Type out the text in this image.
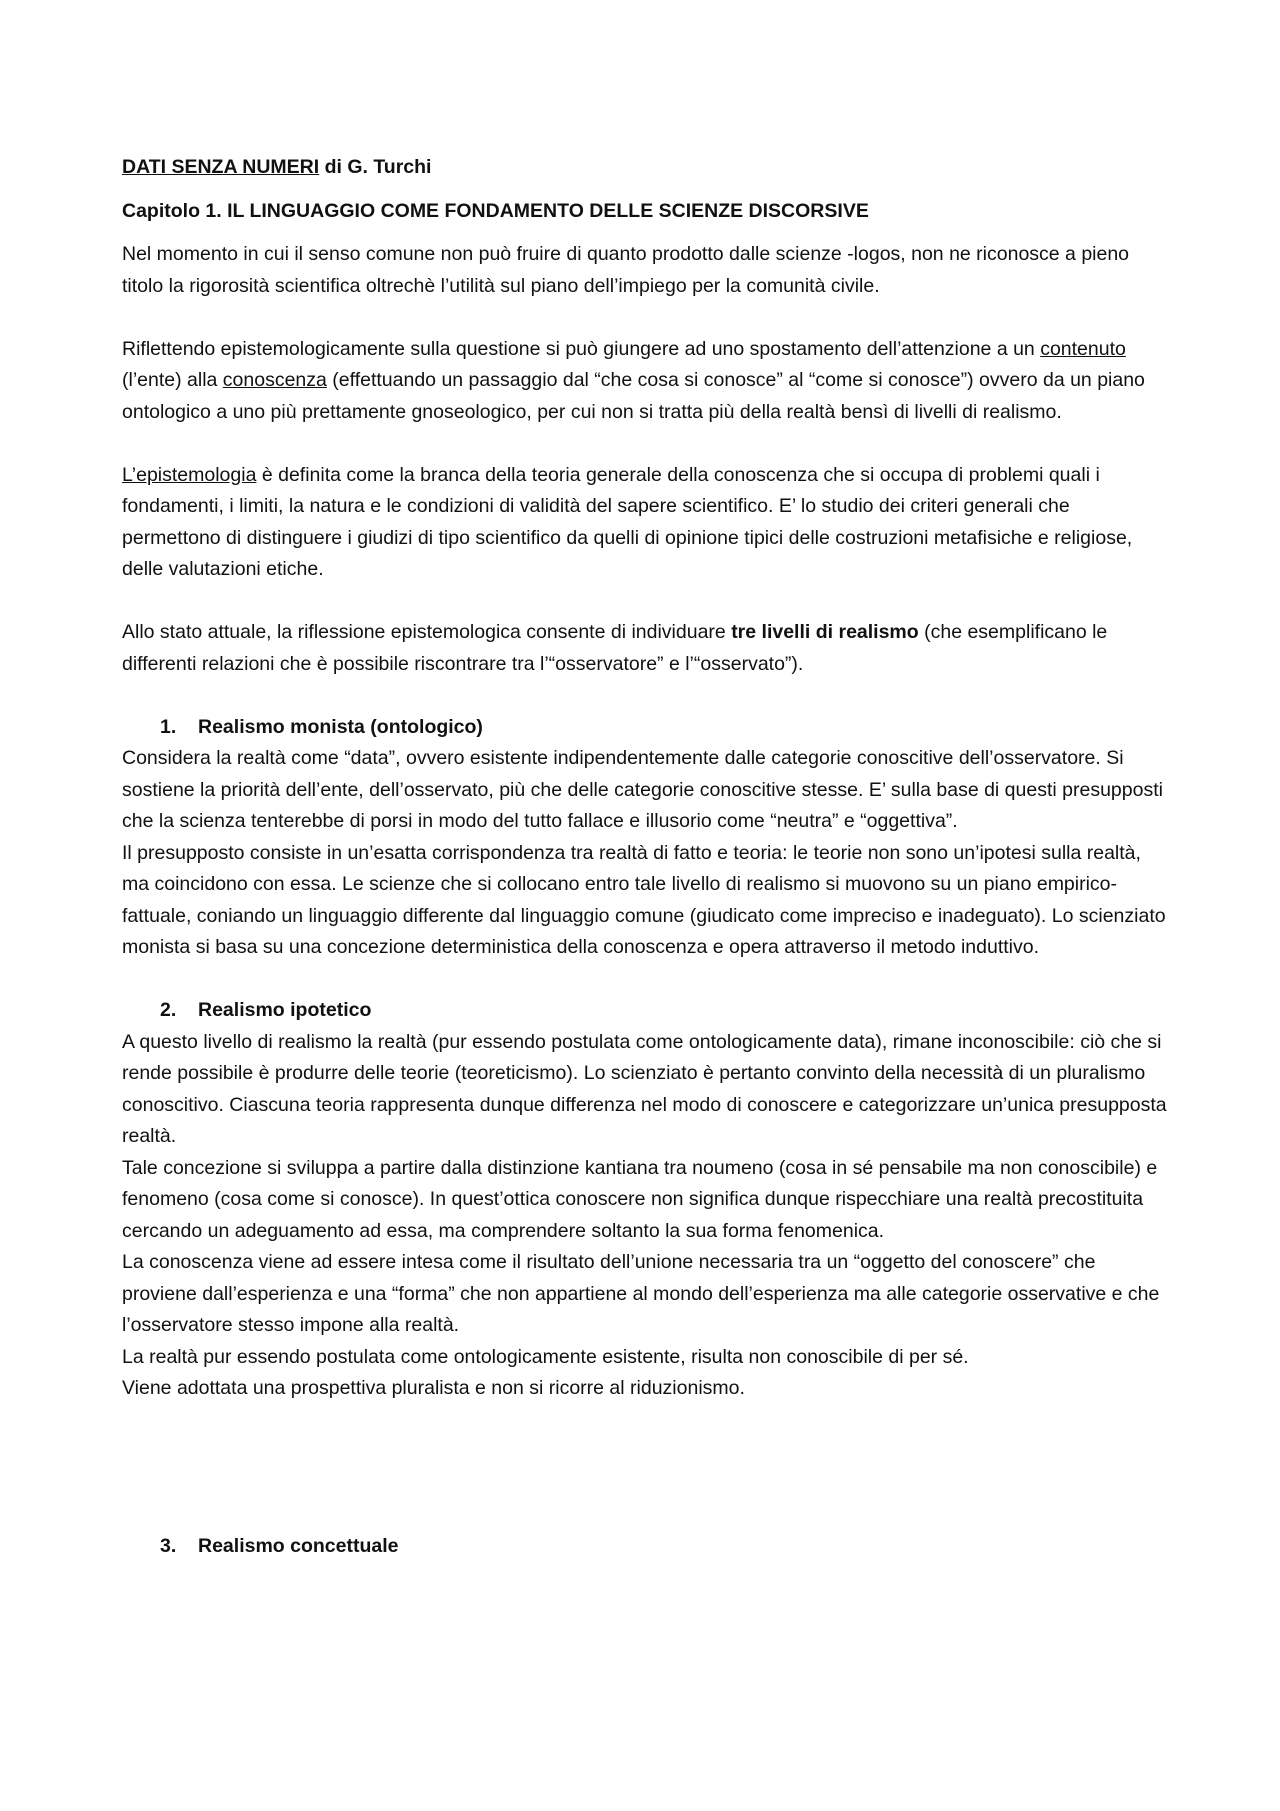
DATI SENZA NUMERI di G. Turchi

Capitolo 1. IL LINGUAGGIO COME FONDAMENTO DELLE SCIENZE DISCORSIVE

Nel momento in cui il senso comune non può fruire di quanto prodotto dalle scienze -logos, non ne riconosce a pieno titolo la rigorosità scientifica oltrechè l’utilità sul piano dell’impiego per la comunità civile.

Riflettendo epistemologicamente sulla questione si può giungere ad uno spostamento dell’attenzione a un contenuto (l’ente) alla conoscenza (effettuando un passaggio dal “che cosa si conosce” al “come si conosce”) ovvero da un piano ontologico a uno più prettamente gnoseologico, per cui non si tratta più della realtà bensì di livelli di realismo.

L’epistemologia è definita come la branca della teoria generale della conoscenza che si occupa di problemi quali i fondamenti, i limiti, la natura e le condizioni di validità del sapere scientifico. E’ lo studio dei criteri generali che permettono di distinguere i giudizi di tipo scientifico da quelli di opinione tipici delle costruzioni metafisiche e religiose, delle valutazioni etiche.

Allo stato attuale, la riflessione epistemologica consente di individuare tre livelli di realismo (che esemplificano le differenti relazioni che è possibile riscontrare tra l’“osservatore” e l’“osservato”).

1.	Realismo monista (ontologico)

Considera la realtà come “data”, ovvero esistente indipendentemente dalle categorie conoscitive dell’osservatore. Si sostiene la priorità dell’ente, dell’osservato, più che delle categorie conoscitive stesse. E’ sulla base di questi presupposti che la scienza tenterebbe di porsi in modo del tutto fallace e illusorio come “neutra” e “oggettiva”.

Il presupposto consiste in un’esatta corrispondenza tra realtà di fatto e teoria: le teorie non sono un’ipotesi sulla realtà, ma coincidono con essa. Le scienze che si collocano entro tale livello di realismo si muovono su un piano empirico-fattuale, coniando un linguaggio differente dal linguaggio comune (giudicato come impreciso e inadeguato). Lo scienziato monista si basa su una concezione deterministica della conoscenza e opera attraverso il metodo induttivo.

2.	Realismo ipotetico

A questo livello di realismo la realtà (pur essendo postulata come ontologicamente data), rimane inconoscibile: ciò che si rende possibile è produrre delle teorie (teoreticismo). Lo scienziato è pertanto convinto della necessità di un pluralismo conoscitivo. Ciascuna teoria rappresenta dunque differenza nel modo di conoscere e categorizzare un’unica presupposta realtà.

Tale concezione si sviluppa a partire dalla distinzione kantiana tra noumeno (cosa in sé pensabile ma non conoscibile) e fenomeno (cosa come si conosce). In quest’ottica conoscere non significa dunque rispecchiare una realtà precostituita cercando un adeguamento ad essa, ma comprendere soltanto la sua forma fenomenica.

La conoscenza viene ad essere intesa come il risultato dell’unione necessaria tra un “oggetto del conoscere” che proviene dall’esperienza e una “forma” che non appartiene al mondo dell’esperienza ma alle categorie osservative e che l’osservatore stesso impone alla realtà.

La realtà pur essendo postulata come ontologicamente esistente, risulta non conoscibile di per sé.

Viene adottata una prospettiva pluralista e non si ricorre al riduzionismo.

3.	Realismo concettuale
